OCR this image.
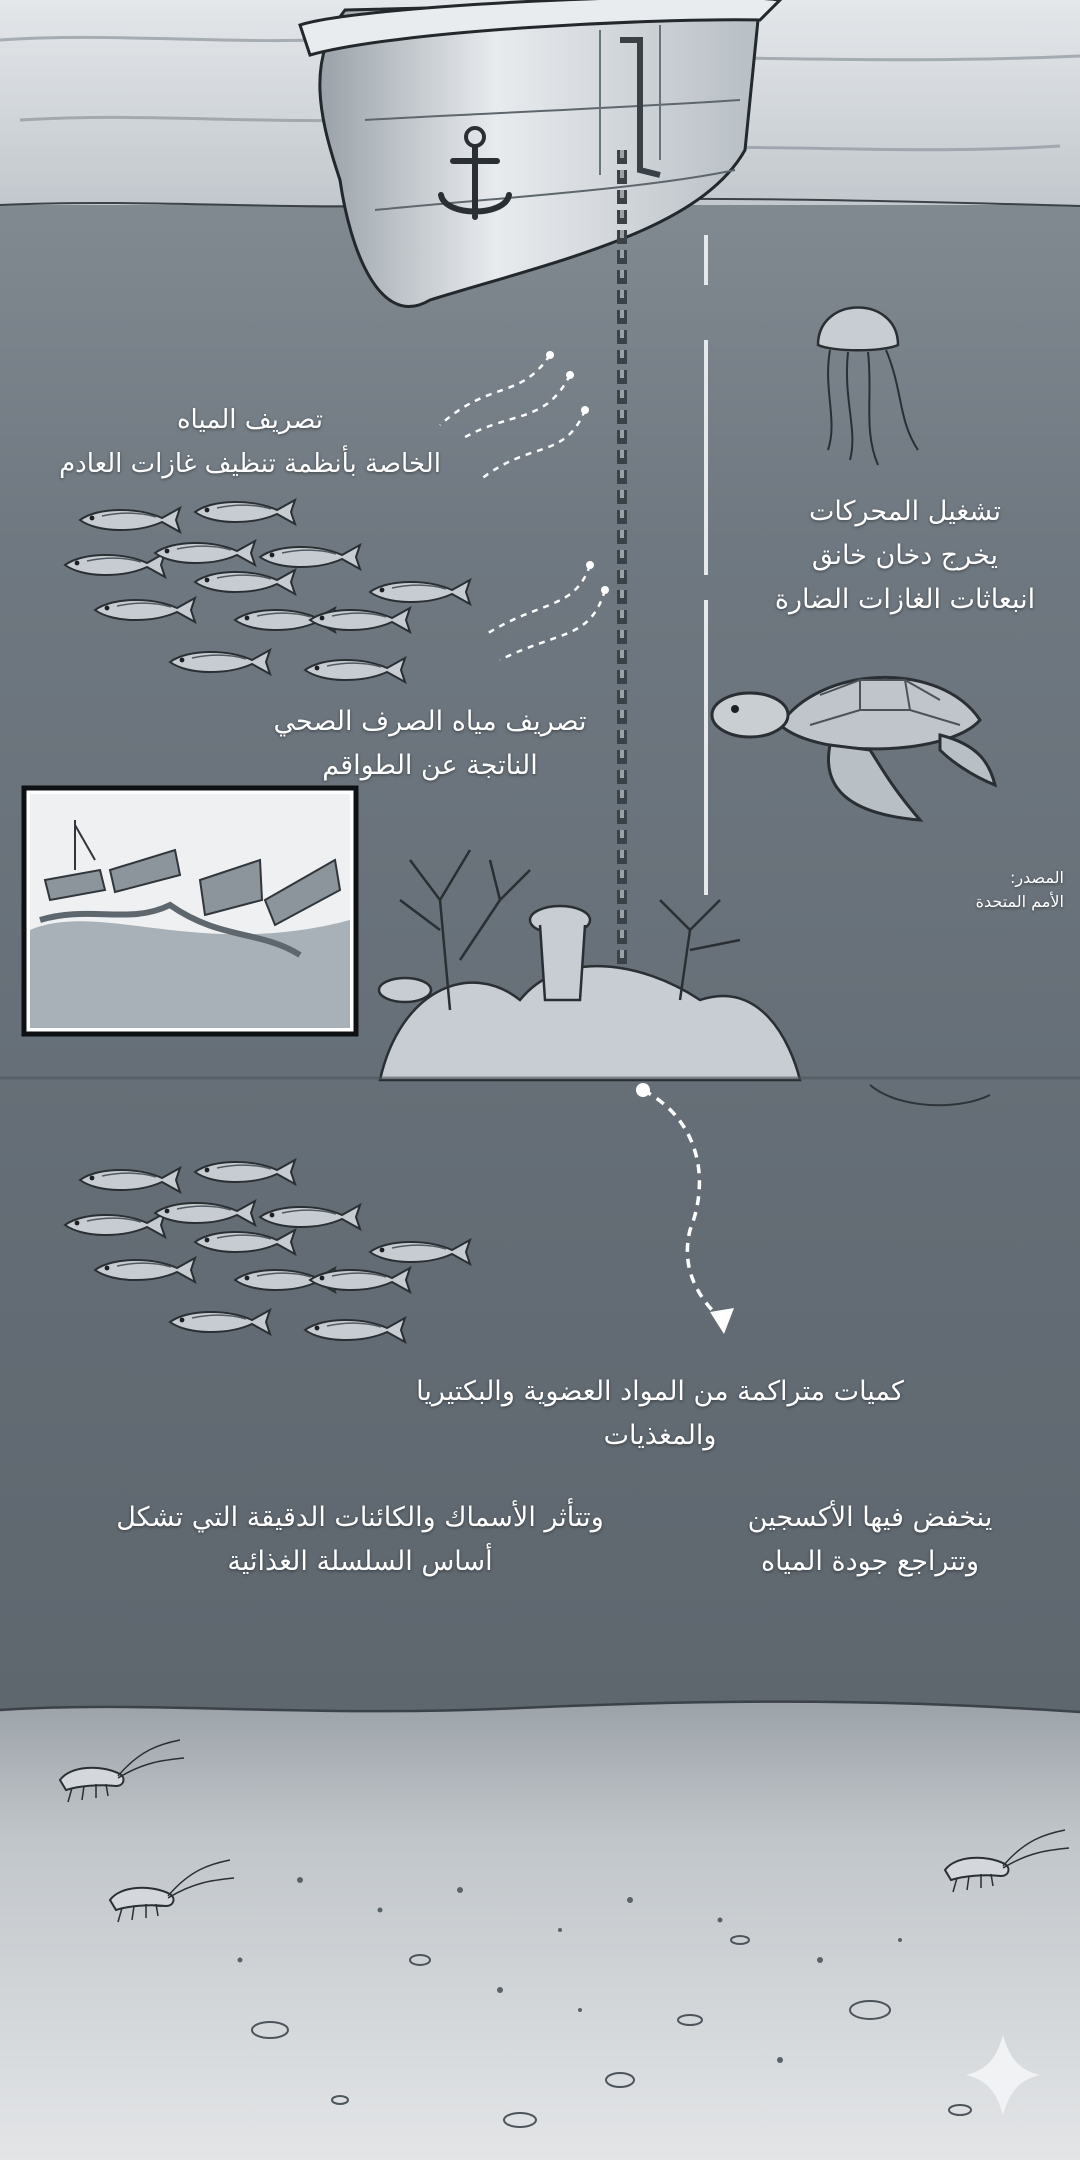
تصريف المياه
الخاصة بأنظمة تنظيف غازات العادم
تصريف مياه الصرف الصحي
الناتجة عن الطواقم
تشغيل المحركات
يخرج دخان خانق
انبعاثات الغازات الضارة
المصدر:
الأمم المتحدة
كميات متراكمة من المواد العضوية والبكتيريا
والمغذيات
ينخفض فيها الأكسجين
وتتراجع جودة المياه
وتتأثر الأسماك والكائنات الدقيقة التي تشكل
أساس السلسلة الغذائية
